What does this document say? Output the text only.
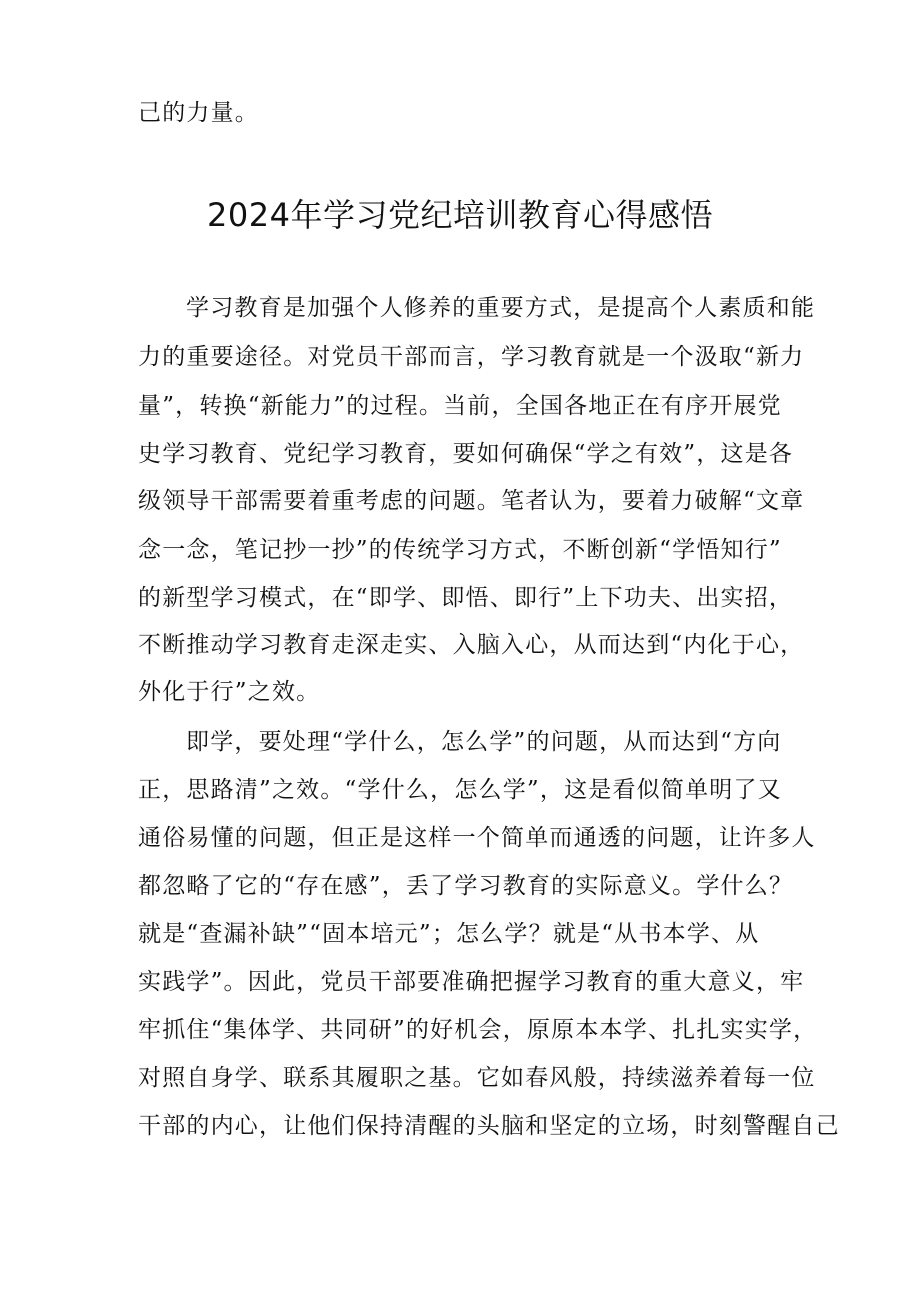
己的力量。
2024年学习党纪培训教育心得感悟
学习教育是加强个人修养的重要方式，是提高个人素质和能
力的重要途径。对党员干部而言，学习教育就是一个汲取“新力
量”，转换“新能力”的过程。当前，全国各地正在有序开展党
史学习教育、党纪学习教育，要如何确保“学之有效”，这是各
级领导干部需要着重考虑的问题。笔者认为，要着力破解“文章
念一念，笔记抄一抄”的传统学习方式，不断创新“学悟知行”
的新型学习模式，在“即学、即悟、即行”上下功夫、出实招，
不断推动学习教育走深走实、入脑入心，从而达到“内化于心，
外化于行”之效。
即学，要处理“学什么，怎么学”的问题，从而达到“方向
正，思路清”之效。“学什么，怎么学”，这是看似简单明了又
通俗易懂的问题，但正是这样一个简单而通透的问题，让许多人
都忽略了它的“存在感”，丢了学习教育的实际意义。学什么？
就是“查漏补缺”“固本培元”；怎么学？就是“从书本学、从
实践学”。因此，党员干部要准确把握学习教育的重大意义，牢
牢抓住“集体学、共同研”的好机会，原原本本学、扎扎实实学，
对照自身学、联系其履职之基。它如春风般，持续滋养着每一位
干部的内心，让他们保持清醒的头脑和坚定的立场，时刻警醒自己
